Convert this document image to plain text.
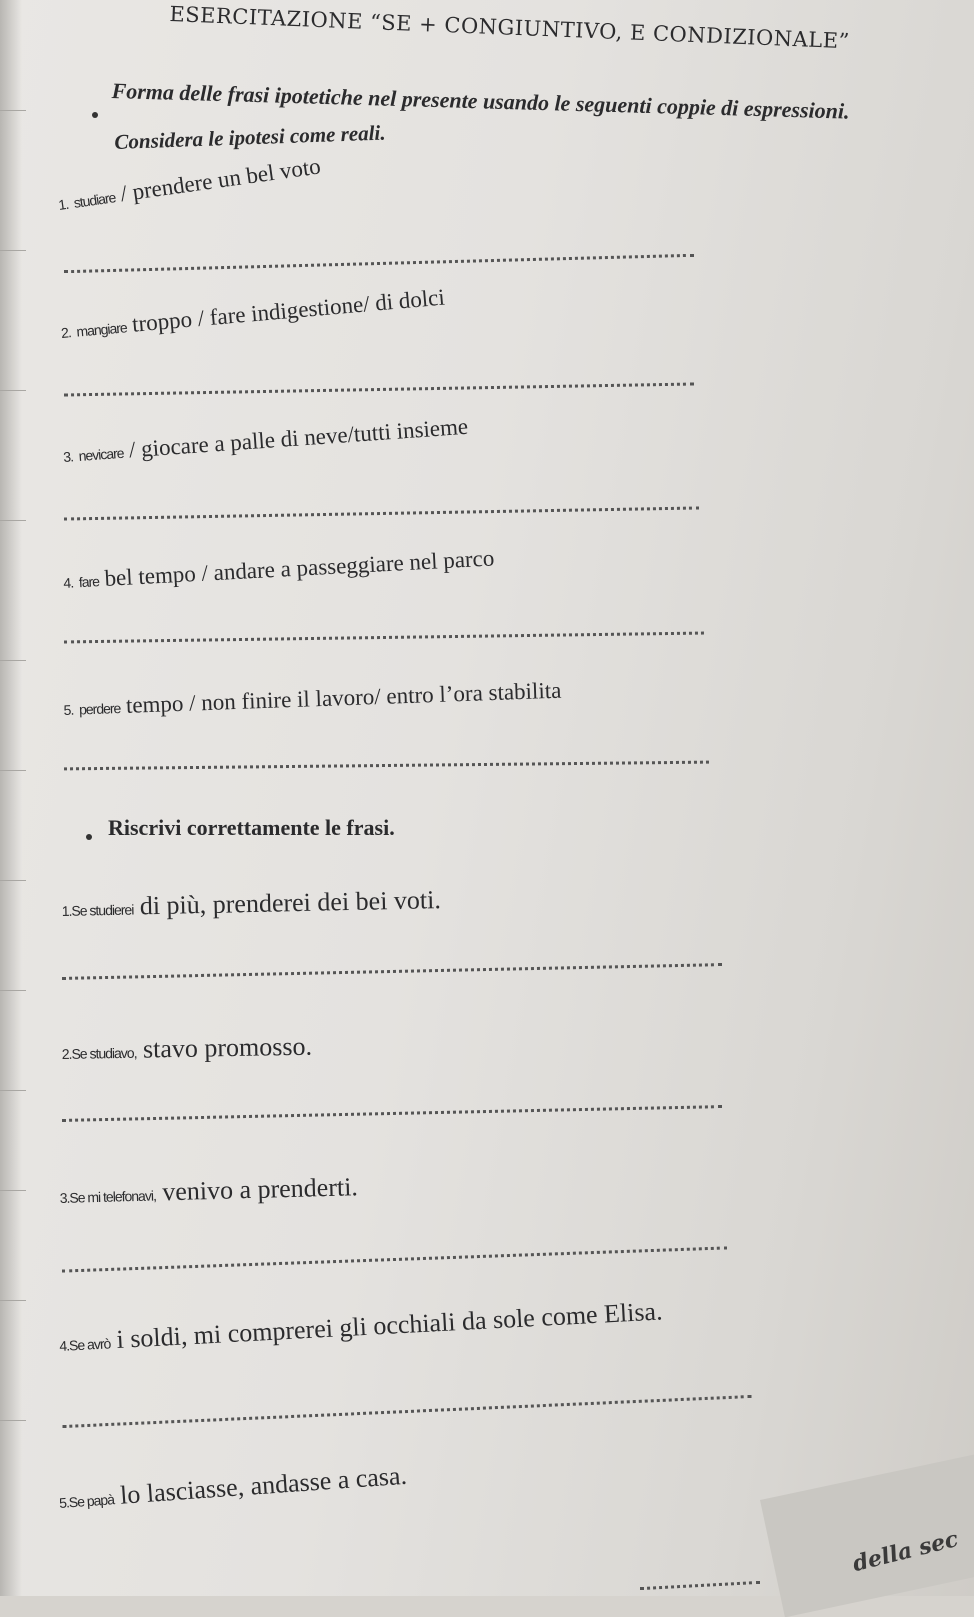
ESERCITAZIONE “SE + CONGIUNTIVO, E CONDIZIONALE”
Forma delle frasi ipotetiche nel presente usando le seguenti coppie di espressioni.
Considera le ipotesi come reali.
1. studiare / prendere un bel voto
2. mangiare troppo / fare indigestione/ di dolci
3. nevicare / giocare a palle di neve/tutti insieme
4. fare bel tempo / andare a passeggiare nel parco
5. perdere tempo / non finire il lavoro/ entro l’ora stabilita
Riscrivi correttamente le frasi.
1.Se studierei di più, prenderei dei bei voti.
2.Se studiavo, stavo promosso.
3.Se mi telefonavi, venivo a prenderti.
4.Se avrò i soldi, mi comprerei gli occhiali da sole come Elisa.
5.Se papà lo lasciasse, andasse a casa.
della sec
